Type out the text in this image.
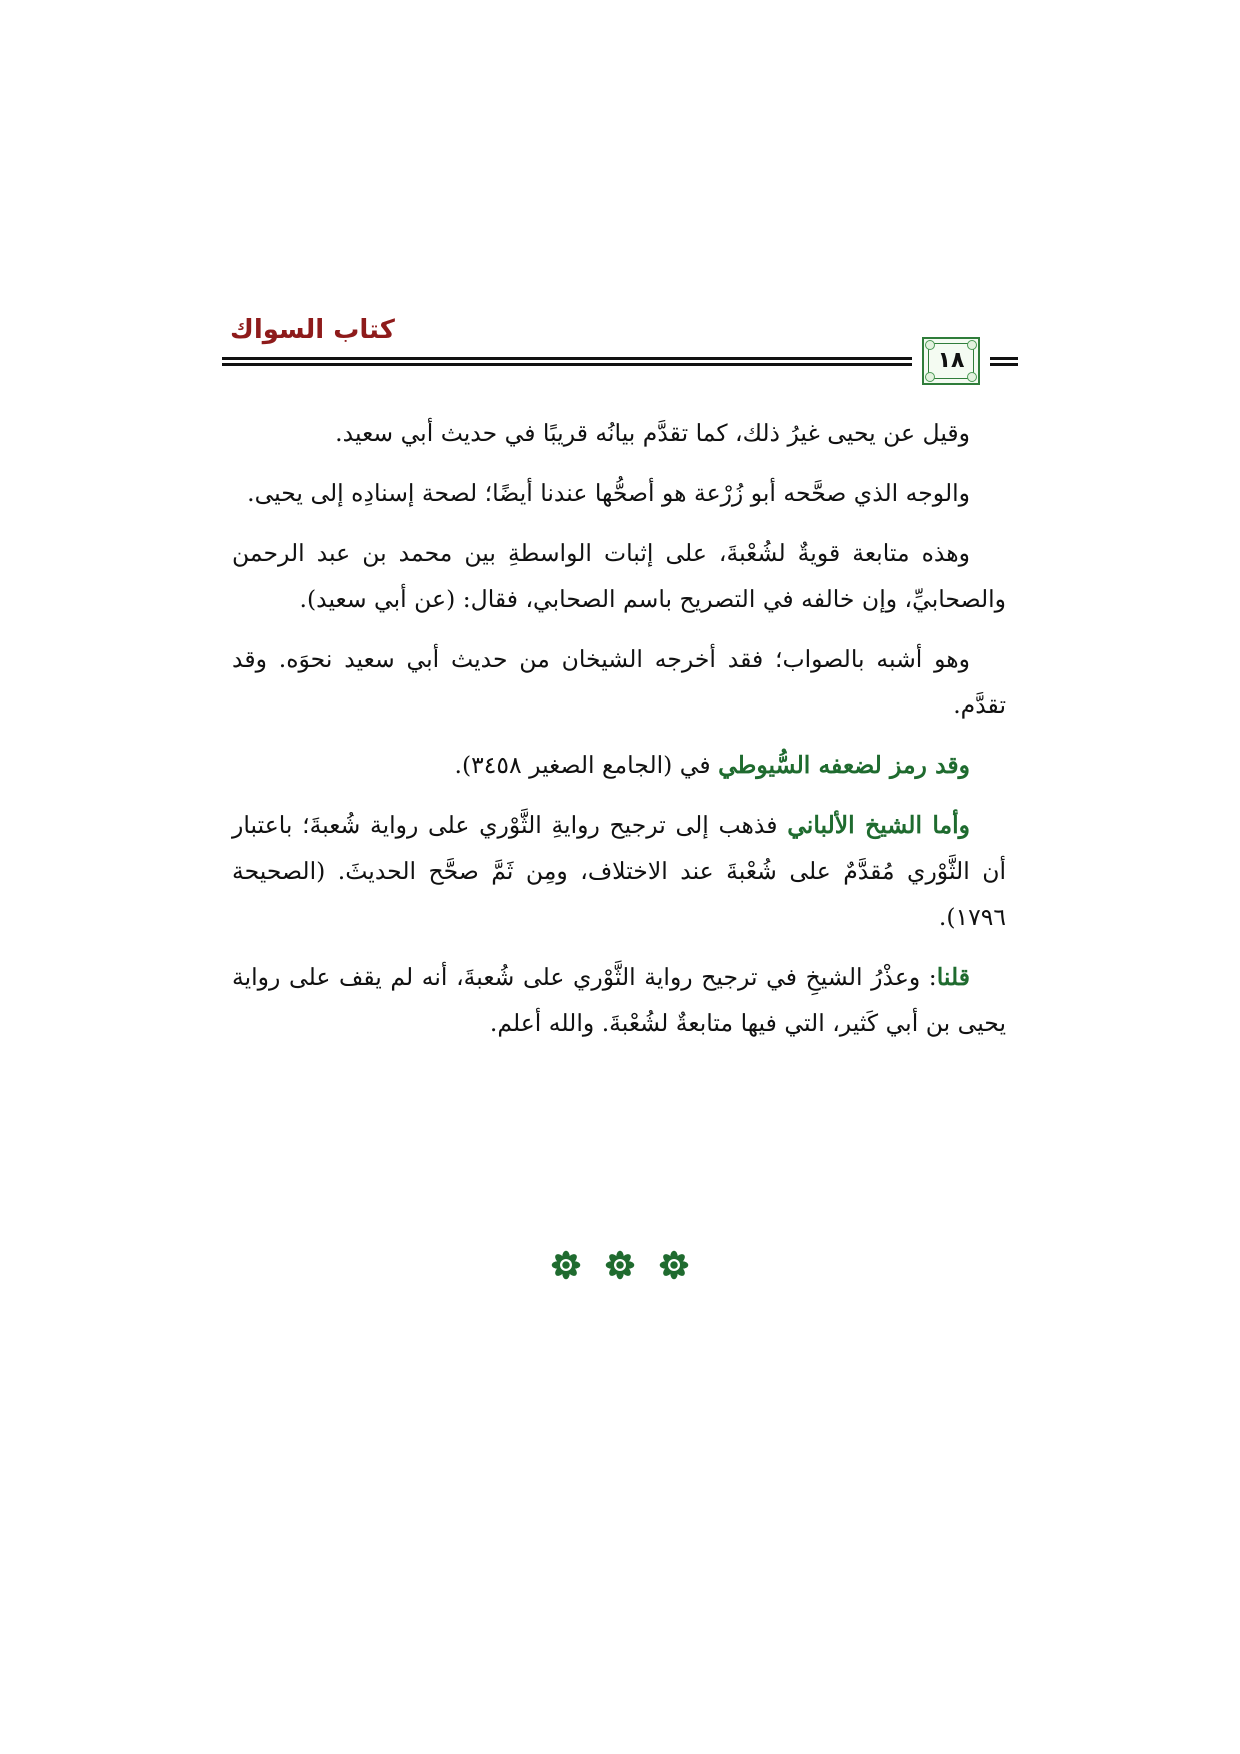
كتاب السواك
١٨

وقيل عن يحيى غيرُ ذلك، كما تقدَّم بيانُه قريبًا في حديث أبي سعيد.

والوجه الذي صحَّحه أبو زُرْعة هو أصحُّها عندنا أيضًا؛ لصحة إسنادِه إلى يحيى.

وهذه متابعة قويةٌ لشُعْبةَ، على إثبات الواسطةِ بين محمد بن عبد الرحمن والصحابيِّ، وإن خالفه في التصريح باسم الصحابي، فقال: (عن أبي سعيد).

وهو أشبه بالصواب؛ فقد أخرجه الشيخان من حديث أبي سعيد نحوَه. وقد تقدَّم.

وقد رمز لضعفه السُّيوطي في (الجامع الصغير ٣٤٥٨).

وأما الشيخ الألباني فذهب إلى ترجيح روايةِ الثَّوْري على رواية شُعبةَ؛ باعتبار أن الثَّوْري مُقدَّمٌ على شُعْبةَ عند الاختلاف، ومِن ثَمَّ صحَّح الحديثَ. (الصحيحة ١٧٩٦).

قلنا: وعذْرُ الشيخِ في ترجيح رواية الثَّوْري على شُعبةَ، أنه لم يقف على رواية يحيى بن أبي كَثير، التي فيها متابعةٌ لشُعْبةَ. والله أعلم.
